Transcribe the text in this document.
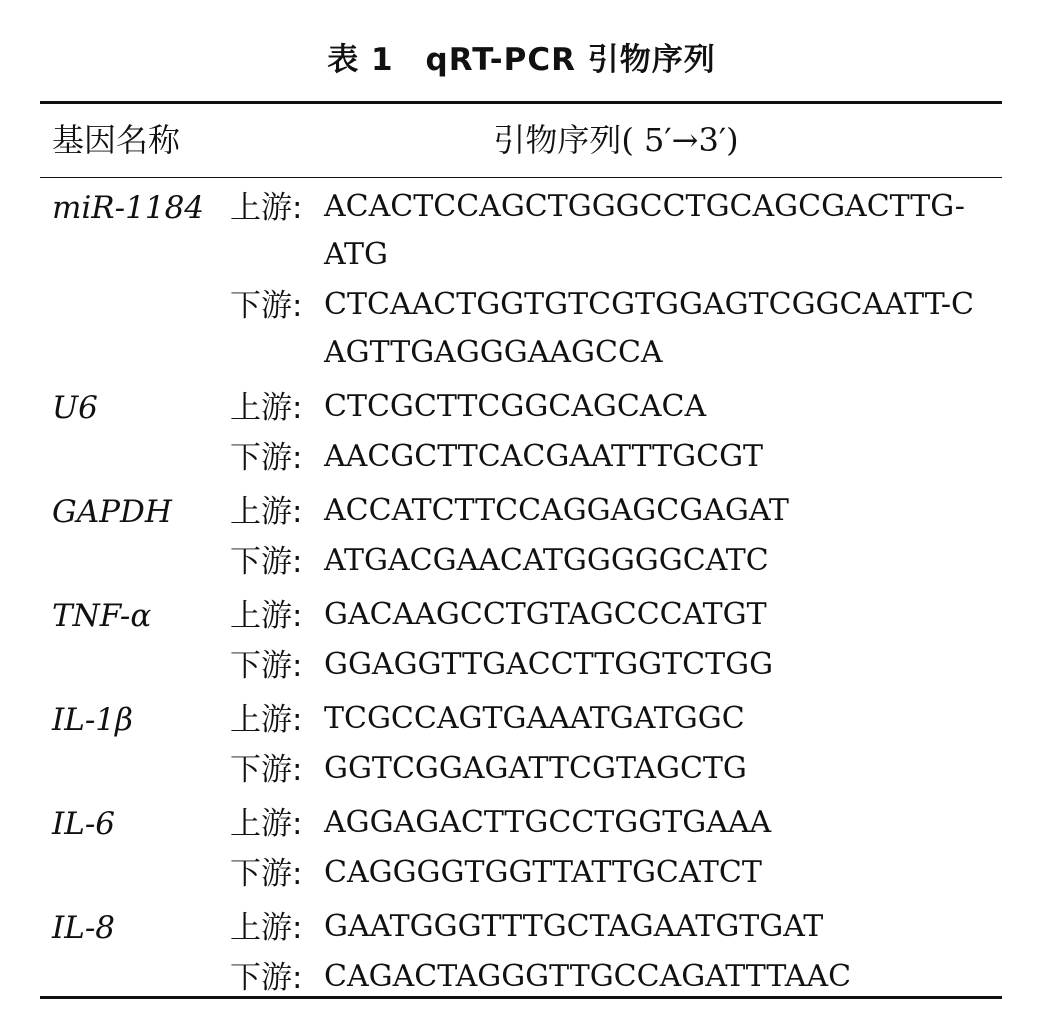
表 1　qRT-PCR 引物序列
基因名称	引物序列( 5′→3′)
miR-1184 上游: ACACTCCAGCTGGGCCTGCAGCGACTTG-ATG
下游: CTCAACTGGTGTCGTGGAGTCGGCAATT-CAGTTGAGGGAAGCCA
U6	上游: CTCGCTTCGGCAGCACA
下游: AACGCTTCACGAATTTGCGT
GAPDH 上游: ACCATCTTCCAGGAGCGAGAT
下游: ATGACGAACATGGGGGCATC
TNF-α	上游: GACAAGCCTGTAGCCCATGT
下游: GGAGGTTGACCTTGGTCTGG
IL-1β	上游: TCGCCAGTGAAATGATGGC
下游: GGTCGGAGATTCGTAGCTG
IL-6	上游: AGGAGACTTGCCTGGTGAAA
下游: CAGGGGTGGTTATTGCATCT
IL-8	上游: GAATGGGTTTGCTAGAATGTGAT
下游: CAGACTAGGGTTGCCAGATTTAAC
